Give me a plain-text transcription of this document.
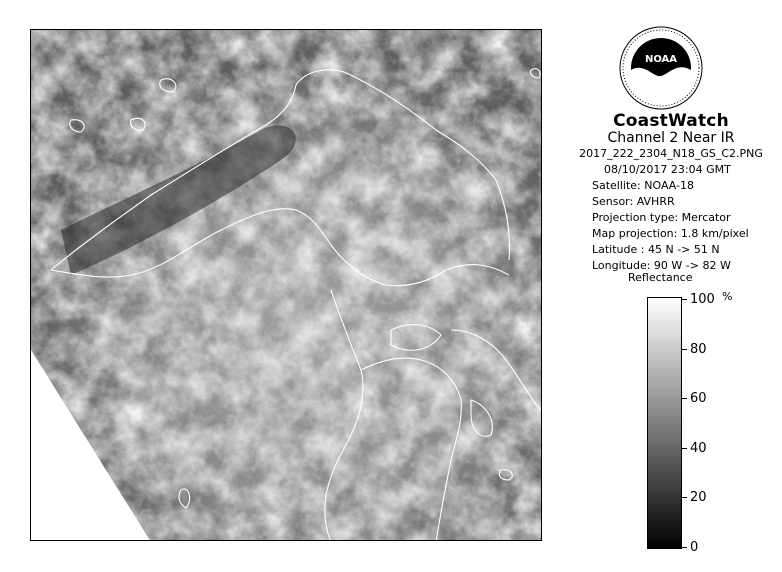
NOAA
CoastWatch
Channel 2 Near IR
2017_222_2304_N18_GS_C2.PNG
08/10/2017 23:04 GMT
Satellite: NOAA-18
Sensor: AVHRR
Projection type: Mercator
Map projection: 1.8 km/pixel
Latitude : 45 N -> 51 N
Longitude: 90 W -> 82 W
Reflectance
%
100
80
60
40
20
0
